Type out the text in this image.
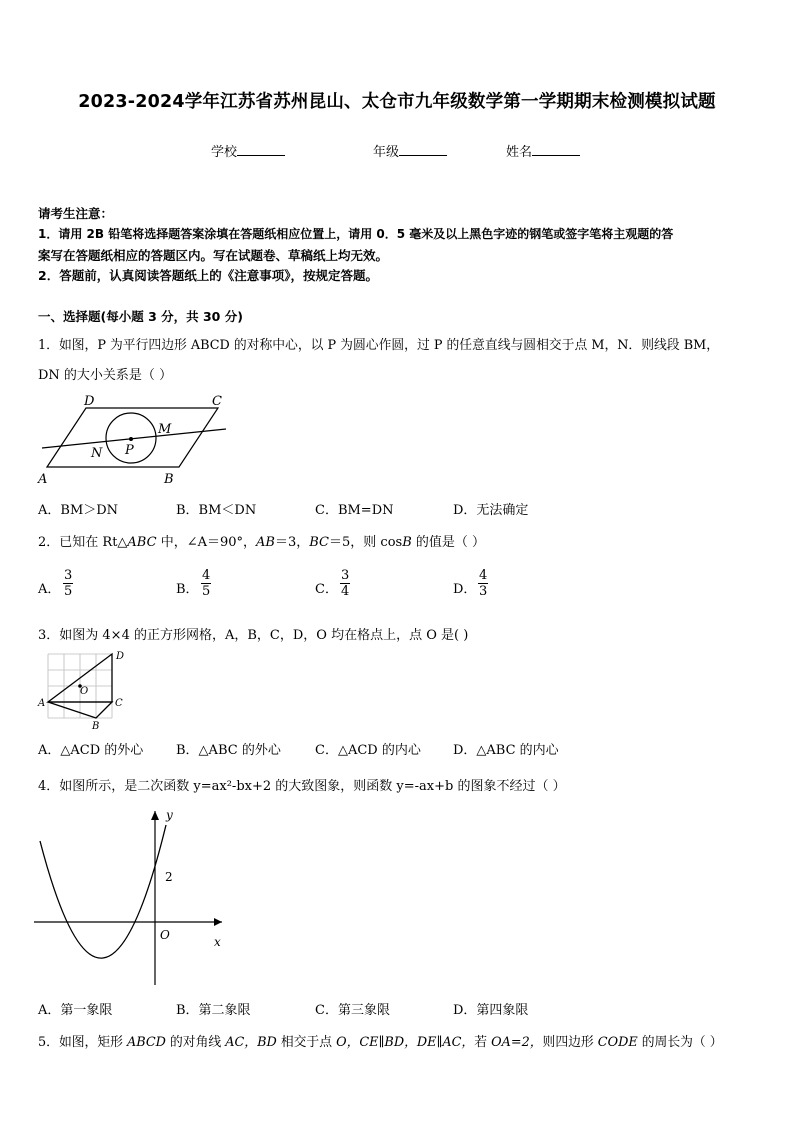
2023-2024学年江苏省苏州昆山、太仓市九年级数学第一学期期末检测模拟试题
学校	年级	姓名
请考生注意：
1．请用 2B 铅笔将选择题答案涂填在答题纸相应位置上，请用 0．5 毫米及以上黑色字迹的钢笔或签字笔将主观题的答
案写在答题纸相应的答题区内。写在试题卷、草稿纸上均无效。
2．答题前，认真阅读答题纸上的《注意事项》，按规定答题。
一、选择题(每小题 3 分，共 30 分)
1．如图，P 为平行四边形 ABCD 的对称中心，以 P 为圆心作圆，过 P 的任意直线与圆相交于点 M，N．则线段 BM，
DN 的大小关系是（ ）
D	C
M
N P
A	B
A．BM＞DN	B．BM＜DN	C．BM=DN	D．无法确定
2．已知在 Rt△ABC 中，∠A＝90°，AB＝3，BC＝5，则 cosB 的值是（ ）
A． $\frac{3}{5}$	B． $\frac{4}{5}$	C． $\frac{3}{4}$	D． $\frac{4}{3}$
3．如图为 4×4 的正方形网格，A，B，C，D，O 均在格点上，点 O 是( )
D
O
A	C
B
A．△ACD 的外心	B．△ABC 的外心	C．△ACD 的内心 D．△ABC 的内心
4．如图所示，是二次函数 y=ax²-bx+2 的大致图象，则函数 y=-ax+b 的图象不经过（ ）
y
2
O	x
A．第一象限	B．第二象限	C．第三象限	D．第四象限
5．如图，矩形 ABCD 的对角线 AC，BD 相交于点 O，CE∥BD，DE∥AC，若 OA=2，则四边形 CODE 的周长为（ ）
